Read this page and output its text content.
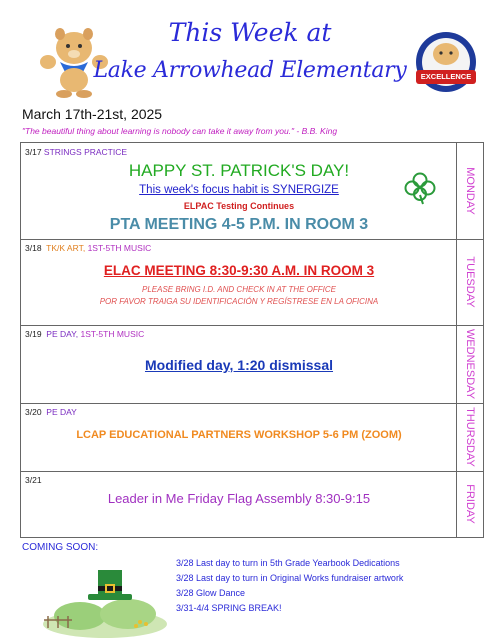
This Week at
Lake Arrowhead Elementary	EXCELLENCE
March 17th-21st, 2025
"The beautiful thing about learning is nobody can take it away from you." - B.B. King
3/17 STRINGS PRACTICE
HAPPY ST. PATRICK'S DAY!
This week's focus habit is SYNERGIZE
ELPAC Testing Continues
PTA MEETING 4-5 P.M. IN ROOM 3
MONDAY
3/18 TK/K ART, 1ST-5TH MUSIC
ELAC MEETING 8:30-9:30 A.M. IN ROOM 3
PLEASE BRING I.D. AND CHECK IN AT THE OFFICE
POR FAVOR TRAIGA SU IDENTIFICACIÓN Y REGÍSTRESE EN LA OFICINA	TUESDAY
3/19 PE DAY, 1ST-5TH MUSIC
Modified day, 1:20 dismissal	WEDNESDAY
3/20 PE DAY
LCAP EDUCATIONAL PARTNERS WORKSHOP 5-6 PM (ZOOM)	THURSDAY
3/21
Leader in Me Friday Flag Assembly 8:30-9:15	FRIDAY
COMING SOON:
3/28 Last day to turn in 5th Grade Yearbook Dedications
3/28 Last day to turn in Original Works fundraiser artwork
3/28 Glow Dance
3/31-4/4 SPRING BREAK!
